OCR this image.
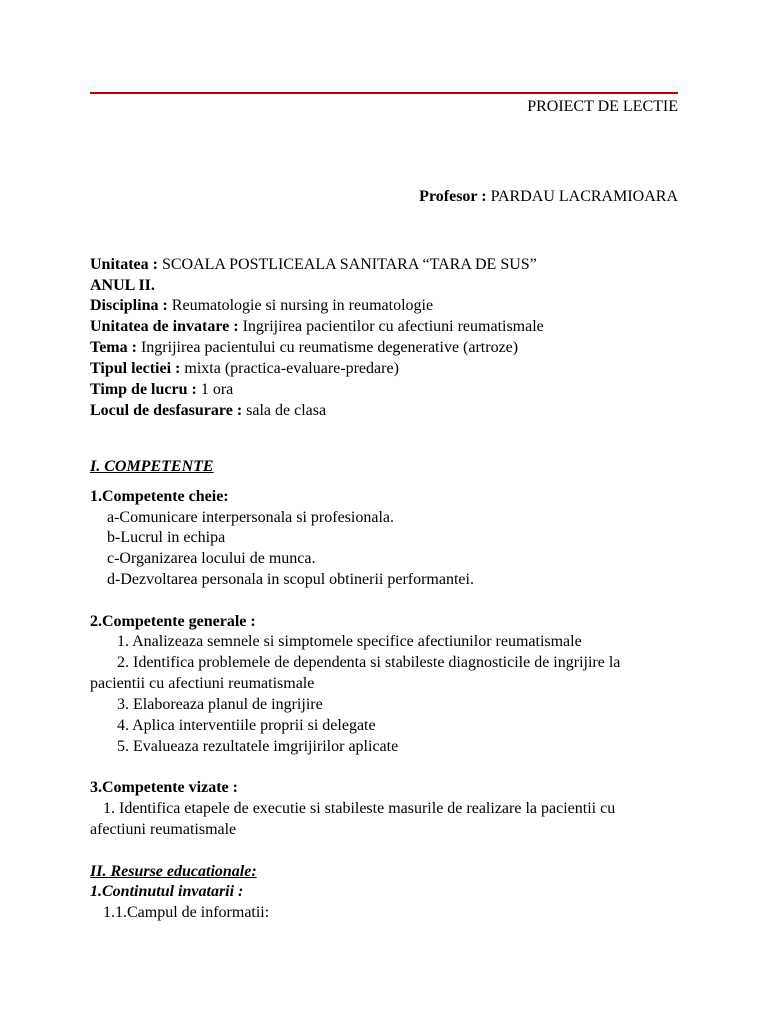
PROIECT DE LECTIE
Profesor : PARDAU LACRAMIOARA
Unitatea : SCOALA POSTLICEALA SANITARA “TARA DE SUS”
ANUL II.
Disciplina : Reumatologie si nursing in reumatologie
Unitatea de invatare : Ingrijirea pacientilor cu afectiuni reumatismale
Tema : Ingrijirea pacientului cu reumatisme degenerative (artroze)
Tipul lectiei : mixta (practica-evaluare-predare)
Timp de lucru : 1 ora
Locul de desfasurare : sala de clasa
I. COMPETENTE
1.Competente cheie:
a-Comunicare interpersonala si profesionala.
b-Lucrul in echipa
c-Organizarea locului de munca.
d-Dezvoltarea personala in scopul obtinerii performantei.
2.Competente generale :
1. Analizeaza semnele si simptomele specifice afectiunilor reumatismale
2. Identifica problemele de dependenta si stabileste diagnosticile de ingrijire la
pacientii cu afectiuni reumatismale
3. Elaboreaza planul de ingrijire
4. Aplica interventiile proprii si delegate
5. Evalueaza rezultatele imgrijirilor aplicate
3.Competente vizate :
1. Identifica etapele de executie si stabileste masurile de realizare la pacientii cu
afectiuni reumatismale
II. Resurse educationale:
1.Continutul invatarii :
1.1.Campul de informatii:
